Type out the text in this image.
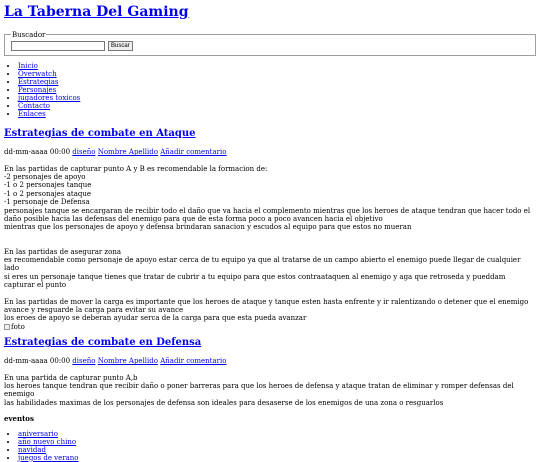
La Taberna Del Gaming
Buscador
Buscar
• Inicio
• Overwatch
• Estrategias
• Personajes
• jugadores toxicos
• Contacto
• Enlaces
Estrategias de combate en Ataque
dd-mm-aaaa 00:00 diseño Nombre Apellido Añadir comentario

En las partidas de capturar punto A y B es recomendable la formacion de:

-2 personajes de apoyo

-1 o 2 personajes tanque

-1 o 2 personajes ataque

-1 personaje de Defensa

personajes tanque se encargaran de recibir todo el daño que va hacia el complemento mientras que los heroes de ataque tendran que hacer todo el daño posible hacia las defensas del enemigo para que de esta forma poco a poco avancen hacia el objetivo

mientras que los personajes de apoyo y defensa brindaran sanacion y escudos al equipo para que estos no mueran

En las partidas de asegurar zona

es recomendable como personaje de apoyo estar cerca de tu equipo ya que al tratarse de un campo abierto el enemigo puede llegar de cualquier lado

si eres un personaje tanque tienes que tratar de cubrir a tu equipo para que estos contraataquen al enemigo y aga que retroseda y pueddam capturar el punto

En las partidas de mover la carga es importante que los heroes de ataque y tanque esten hasta enfrente y ir ralentizando o detener que el enemigo avance y resguarde la carga para evitar su avance

los eroes de apoyo se deberan ayudar serca de la carga para que esta pueda avanzar

foto
Estrategias de combate en Defensa
dd-mm-aaaa 00:00 diseño Nombre Apellido Añadir comentario

En una partida de capturar punto A,b

los heroes tanque tendran que recibir daño o poner barreras para que los heroes de defensa y ataque tratan de eliminar y romper defensas del enemigo

las habilidades maximas de los personajes de defensa son ideales para desaserse de los enemigos de una zona o resguarlos

eventos
• aniversario
• año nuevo chino
• navidad
• juegos de verano
